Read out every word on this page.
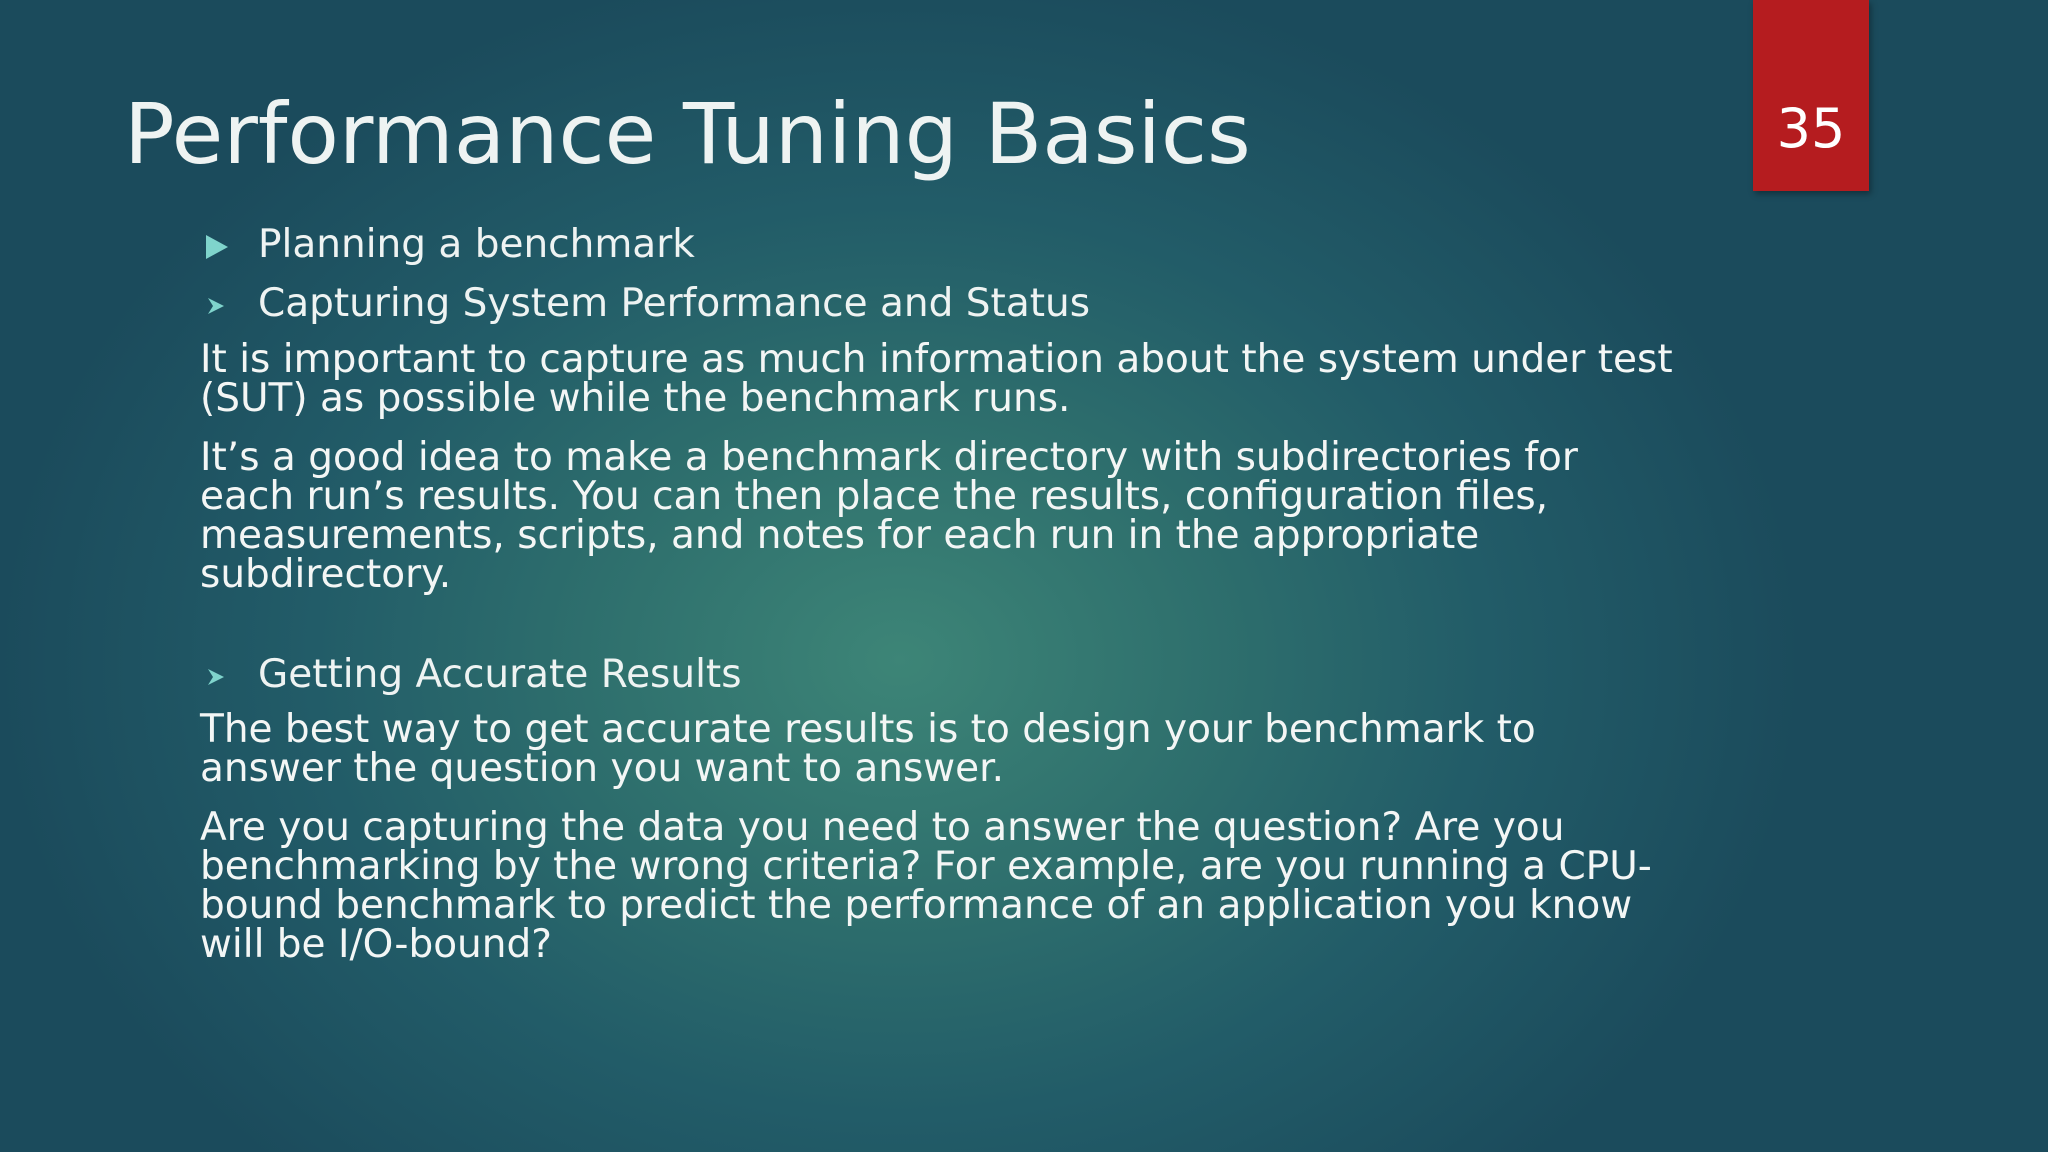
Performance Tuning Basics	35
Planning a benchmark
Capturing System Performance and Status

It is important to capture as much information about the system under test (SUT) as possible while the benchmark runs.

It’s a good idea to make a benchmark directory with subdirectories for each run’s results. You can then place the results, configuration files, measurements, scripts, and notes for each run in the appropriate subdirectory.

Getting Accurate Results

The best way to get accurate results is to design your benchmark to answer the question you want to answer.

Are you capturing the data you need to answer the question? Are you benchmarking by the wrong criteria? For example, are you running a CPU-bound benchmark to predict the performance of an application you know will be I/O-bound?
